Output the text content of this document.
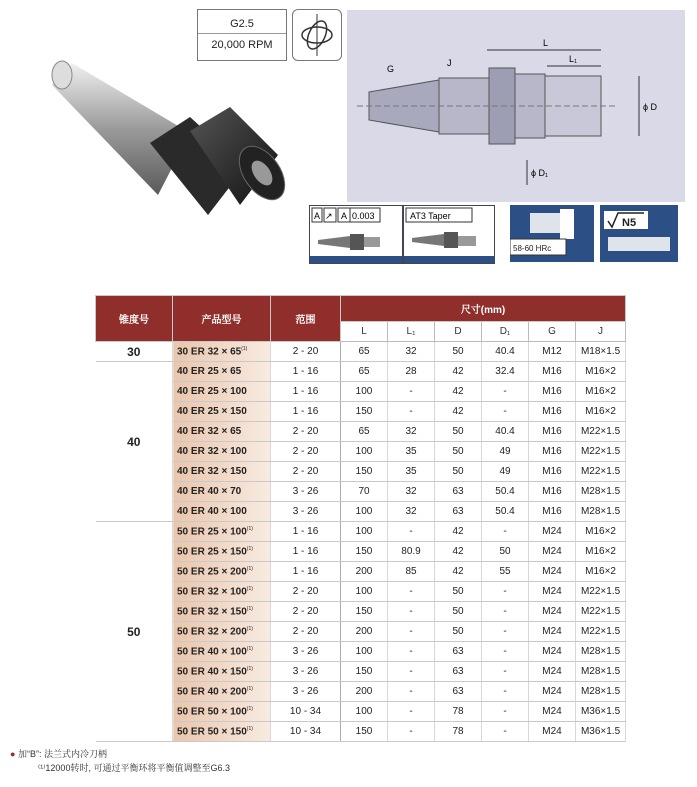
G2.5
20,000 RPM	L
L₁
G
J
ϕ D
ϕ D₁
A ↗ A 0.003	AT3 Taper
58-60 HRc
N5
锥度号	产品型号	范围	尺寸(mm)					
			L	L₁	D	D₁	G	J
30	30 ER $32 \times 65^{(1)}$	2 - 20	65	32	50	40.4	M12	M18×1.5
40	40 ER 25 × 65	1 - 16	65	28	42	32.4	M16	M16×2
	40 ER 25 × 100	1 - 16	100	-	42	-	M16	M16×2
	40 ER 25 × 150	1 - 16	150	-	42	-	M16	M16×2
	40 ER 32 × 65	2 - 20	65	32	50	40.4	M16	M22×1.5
	40 ER 32 × 100	2 - 20	100	35	50	49	M16	M22×1.5
	40 ER 32 × 150	2 - 20	150	35	50	49	M16	M22×1.5
	40 ER 40 × 70	3 - 26	70	32	63	50.4	M16	M28×1.5
	40 ER 40 × 100	3 - 26	100	32	63	50.4	M16	M28×1.5
50	50 ER $25 \times 100^{(1)}$	1 - 16	100	-	42	-	M24	M16×2
	50 ER $25 \times 150^{(1)}$	1 - 16	150	80.9	42	50	M24	M16×2
	50 ER $25 \times 200^{(1)}$	1 - 16	200	85	42	55	M24	M16×2
	50 ER $32 \times 100^{(1)}$	2 - 20	100	-	50	-	M24	M22×1.5
	50 ER $32 \times 150^{(1)}$	2 - 20	150	-	50	-	M24	M22×1.5
	50 ER $32 \times 200^{(1)}$	2 - 20	200	-	50	-	M24	M22×1.5
	50 ER $40 \times 100^{(1)}$	3 - 26	100	-	63	-	M24	M28×1.5
	50 ER $40 \times 150^{(1)}$	3 - 26	150	-	63	-	M24	M28×1.5
	50 ER $40 \times 200^{(1)}$	3 - 26	200	-	63	-	M24	M28×1.5
	50 ER $50 \times 100^{(1)}$	10 - 34	100	-	78	-	M24	M36×1.5
	50 ER $50 \times 150^{(1)}$	10 - 34	150	-	78	-	M24	M36×1.5
● 加“B”: 法兰式内冷刀柄
⁽¹⁾12000转时, 可通过平衡环将平衡值调整至G6.3
